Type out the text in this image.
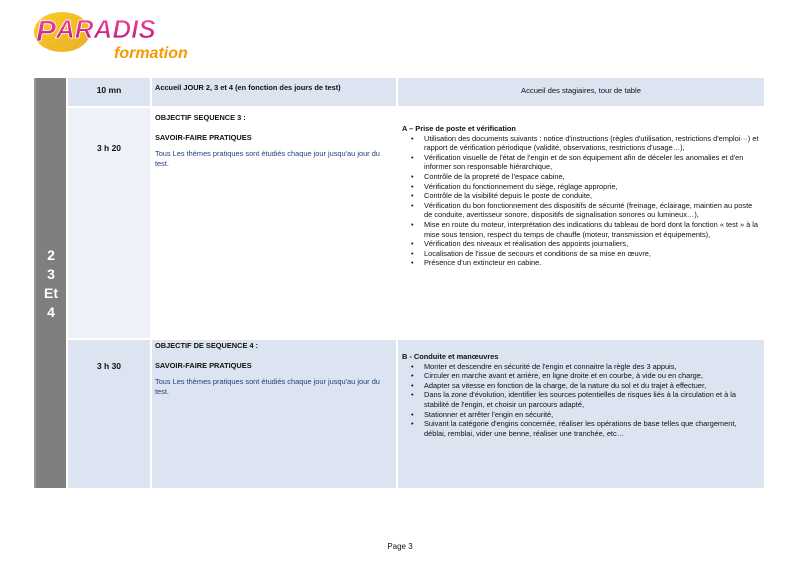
P ARADIS
formation
2
3
Et
4
10 mn	Accueil JOUR 2, 3 et 4 (en fonction des jours de test)	Accueil des stagiaires, tour de table
3 h 20
OBJECTIF SEQUENCE 3 :
SAVOIR-FAIRE PRATIQUES
Tous Les thèmes pratiques sont étudiés chaque jour jusqu'au jour du test.
A – Prise de poste et vérification
• Utilisation des documents suivants : notice d'instructions (règles d'utilisation, restrictions d'emploi···) et rapport de vérification périodique (validité, observations, restrictions d'usage…),
• Vérification visuelle de l'état de l'engin et de son équipement afin de déceler les anomalies et d'en informer son responsable hiérarchique,
• Contrôle de la propreté de l'espace cabine,
• Vérification du fonctionnement du siège, réglage approprie,
• Contrôle de la visibilité depuis le poste de conduite,
• Vérification du bon fonctionnement des dispositifs de sécurité (freinage, éclairage, maintien au poste de conduite, avertisseur sonore, dispositifs de signalisation sonores ou lumineux…),
• Mise en route du moteur, interprétation des indications du tableau de bord dont la fonction « test » à la mise sous tension, respect du temps de chauffe (moteur, transmission et équipements),
• Vérification des niveaux et réalisation des appoints journaliers,
• Localisation de l'issue de secours et conditions de sa mise en œuvre,
• Présence d'un extincteur en cabine.
3 h 30
OBJECTIF DE SEQUENCE 4 :
SAVOIR-FAIRE PRATIQUES
Tous Les thèmes pratiques sont étudiés chaque jour jusqu'au jour du test.
B - Conduite et manœuvres
• Monter et descendre en sécurité de l'engin et connaitre la règle des 3 appuis,
• Circuler en marche avant et arrière, en ligne droite et en courbe, à vide ou en charge,
• Adapter sa vitesse en fonction de la charge, de la nature du sol et du trajet à effectuer,
• Dans la zone d'évolution, identifier les sources potentielles de risques liés à la circulation et à la stabilité de l'engin, et choisir un parcours adapté,
• Stationner et arrêter l'engin en sécurité,
• Suivant la catégorie d'engins concernée, réaliser les opérations de base telles que chargement, déblai, remblai, vider une benne, réaliser une tranchée, etc…
Page 3
